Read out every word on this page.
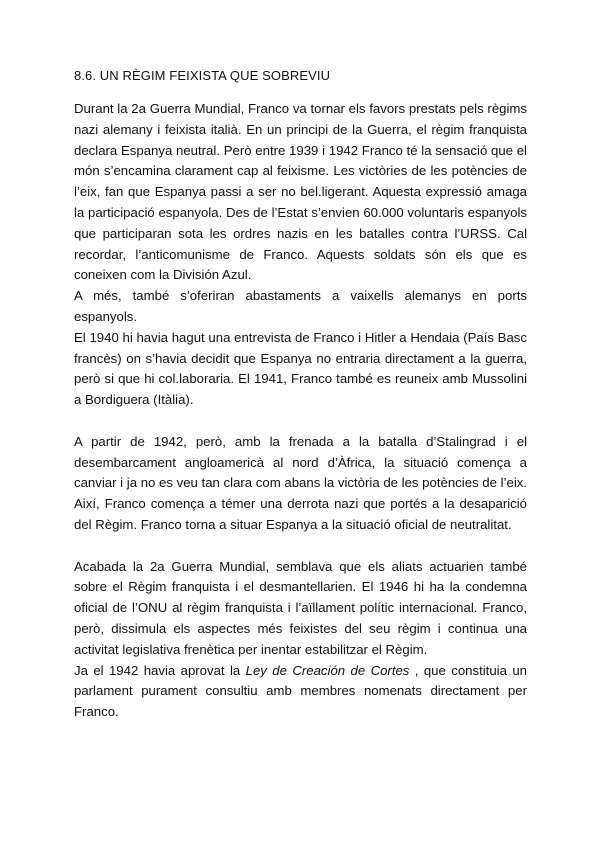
8.6. UN RÈGIM FEIXISTA QUE SOBREVIU

Durant la 2a Guerra Mundial, Franco va tornar els favors prestats pels règims nazi alemany i feixista italià. En un principi de la Guerra, el règim franquista declara Espanya neutral. Però entre 1939 i 1942 Franco té la sensació que el món s’encamina clarament cap al feixisme. Les victòries de les potències de l’eix, fan que Espanya passi a ser no bel.ligerant. Aquesta expressió amaga la participació espanyola. Des de l’Estat s’envien 60.000 voluntaris espanyols que participaran sota les ordres nazis en les batalles contra l’URSS. Cal recordar, l’anticomunisme de Franco. Aquests soldats són els que es coneixen com la División Azul.

A més, també s’oferiran abastaments a vaixells alemanys en ports espanyols.

El 1940 hi havia hagut una entrevista de Franco i Hitler a Hendaia (País Basc francès) on s’havia decidit que Espanya no entraria directament a la guerra, però si que hi col.laboraria. El 1941, Franco també es reuneix amb Mussolini a Bordiguera (Itàlia).

A partir de 1942, però, amb la frenada a la batalla d’Stalingrad i el desembarcament angloamericà al nord d’Àfrica, la situació comença a canviar i ja no es veu tan clara com abans la victòria de les potències de l’eix. Així, Franco comença a témer una derrota nazi que portés a la desaparició del Règim. Franco torna a situar Espanya a la situació oficial de neutralitat.

Acabada la 2a Guerra Mundial, semblava que els aliats actuarien també sobre el Règim franquista i el desmantellarien. El 1946 hi ha la condemna oficial de l’ONU al règim franquista i l’aïllament polític internacional. Franco, però, dissimula els aspectes més feixistes del seu règim i continua una activitat legislativa frenètica per inentar estabilitzar el Règim.

Ja el 1942 havia aprovat la Ley de Creación de Cortes , que constituia un parlament purament consultiu amb membres nomenats directament per Franco.
